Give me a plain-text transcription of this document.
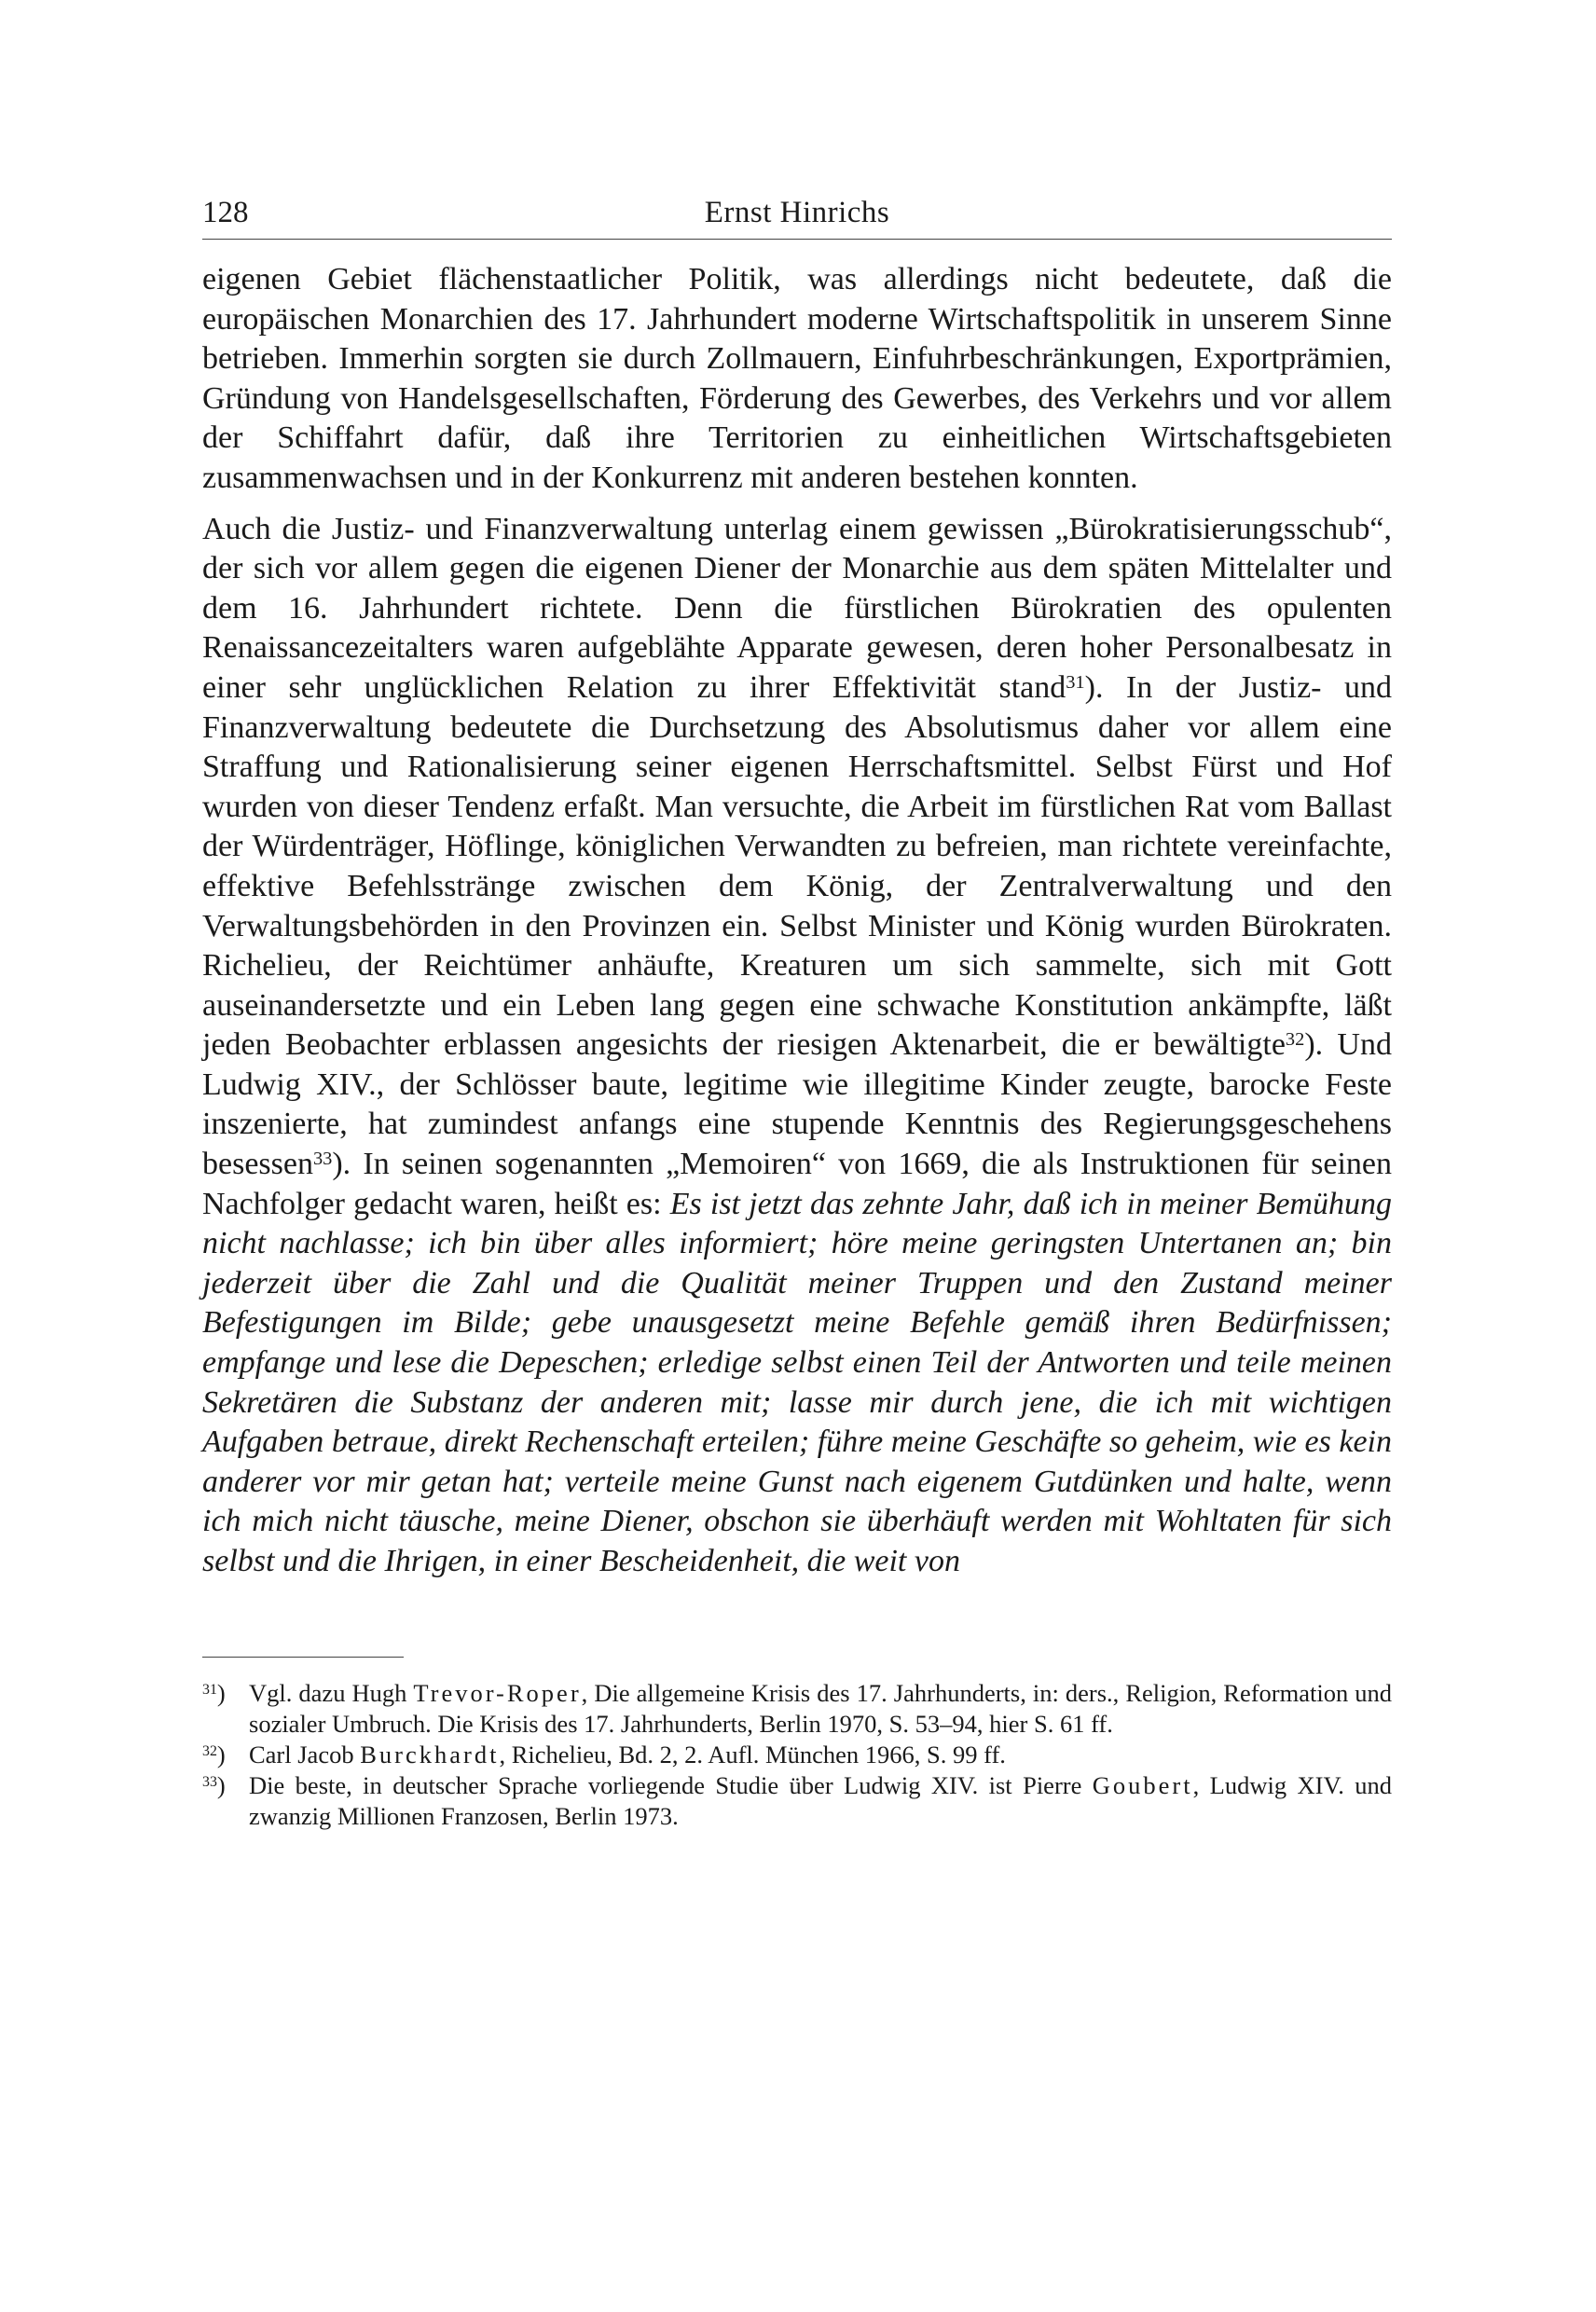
128	Ernst Hinrichs

eigenen Gebiet flächenstaatlicher Politik, was allerdings nicht bedeutete, daß die europäischen Monarchien des 17. Jahrhundert moderne Wirtschaftspolitik in unserem Sinne betrieben. Immerhin sorgten sie durch Zollmauern, Einfuhrbeschränkungen, Exportprämien, Gründung von Handelsgesellschaften, Förderung des Gewerbes, des Verkehrs und vor allem der Schiffahrt dafür, daß ihre Territorien zu einheitlichen Wirtschaftsgebieten zusammenwachsen und in der Konkurrenz mit anderen bestehen konnten.

Auch die Justiz- und Finanzverwaltung unterlag einem gewissen „Bürokratisierungsschub“, der sich vor allem gegen die eigenen Diener der Monarchie aus dem späten Mittelalter und dem 16. Jahrhundert richtete. Denn die fürstlichen Bürokratien des opulenten Renaissancezeitalters waren aufgeblähte Apparate gewesen, deren hoher Personalbesatz in einer sehr unglücklichen Relation zu ihrer Effektivität stand$^{31}$). In der Justiz- und Finanzverwaltung bedeutete die Durchsetzung des Absolutismus daher vor allem eine Straffung und Rationalisierung seiner eigenen Herrschaftsmittel. Selbst Fürst und Hof wurden von dieser Tendenz erfaßt. Man versuchte, die Arbeit im fürstlichen Rat vom Ballast der Würdenträger, Höflinge, königlichen Verwandten zu befreien, man richtete vereinfachte, effektive Befehlsstränge zwischen dem König, der Zentralverwaltung und den Verwaltungsbehörden in den Provinzen ein. Selbst Minister und König wurden Bürokraten. Richelieu, der Reichtümer anhäufte, Kreaturen um sich sammelte, sich mit Gott auseinandersetzte und ein Leben lang gegen eine schwache Konstitution ankämpfte, läßt jeden Beobachter erblassen angesichts der riesigen Aktenarbeit, die er bewältigte$^{32}$). Und Ludwig XIV., der Schlösser baute, legitime wie illegitime Kinder zeugte, barocke Feste inszenierte, hat zumindest anfangs eine stupende Kenntnis des Regierungsgeschehens besessen$^{33}$). In seinen sogenannten „Memoiren“ von 1669, die als Instruktionen für seinen Nachfolger gedacht waren, heißt es: Es ist jetzt das zehnte Jahr, daß ich in meiner Bemühung nicht nachlasse; ich bin über alles informiert; höre meine geringsten Untertanen an; bin jederzeit über die Zahl und die Qualität meiner Truppen und den Zustand meiner Befestigungen im Bilde; gebe unausgesetzt meine Befehle gemäß ihren Bedürfnissen; empfange und lese die Depeschen; erledige selbst einen Teil der Antworten und teile meinen Sekretären die Substanz der anderen mit; lasse mir durch jene, die ich mit wichtigen Aufgaben betraue, direkt Rechenschaft erteilen; führe meine Geschäfte so geheim, wie es kein anderer vor mir getan hat; verteile meine Gunst nach eigenem Gutdünken und halte, wenn ich mich nicht täusche, meine Diener, obschon sie überhäuft werden mit Wohltaten für sich selbst und die Ihrigen, in einer Bescheidenheit, die weit von

$^{31}$) Vgl. dazu Hugh Trevor-Roper, Die allgemeine Krisis des 17. Jahrhunderts, in: ders., Religion, Reformation und sozialer Umbruch. Die Krisis des 17. Jahrhunderts, Berlin 1970, S. 53–94, hier S. 61 ff.

$^{32}$) Carl Jacob Burckhardt, Richelieu, Bd. 2, 2. Aufl. München 1966, S. 99 ff.

$^{33}$) Die beste, in deutscher Sprache vorliegende Studie über Ludwig XIV. ist Pierre Goubert, Ludwig XIV. und zwanzig Millionen Franzosen, Berlin 1973.
